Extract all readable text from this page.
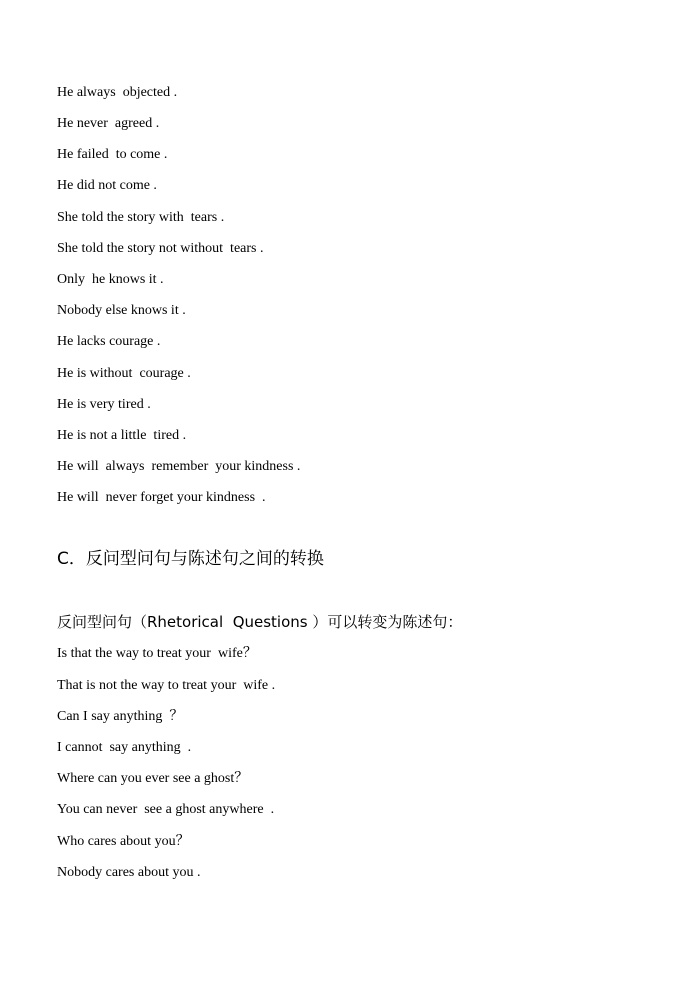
He always  objected .
He never  agreed .
He failed  to come .
He did not come .
She told the story with  tears .
She told the story not without  tears .
Only  he knows it .
Nobody else knows it .
He lacks courage .
He is without  courage .
He is very tired .
He is not a little  tired .
He will  always  remember  your kindness .
He will  never forget your kindness  .
C．反问型问句与陈述句之间的转换
反问型问句（Rhetorical  Questions ）可以转变为陈述句：
Is that the way to treat your  wife？
That is not the way to treat your  wife .
Can I say anything  ？
I cannot  say anything  .
Where can you ever see a ghost？
You can never  see a ghost anywhere  .
Who cares about you？
Nobody cares about you .
